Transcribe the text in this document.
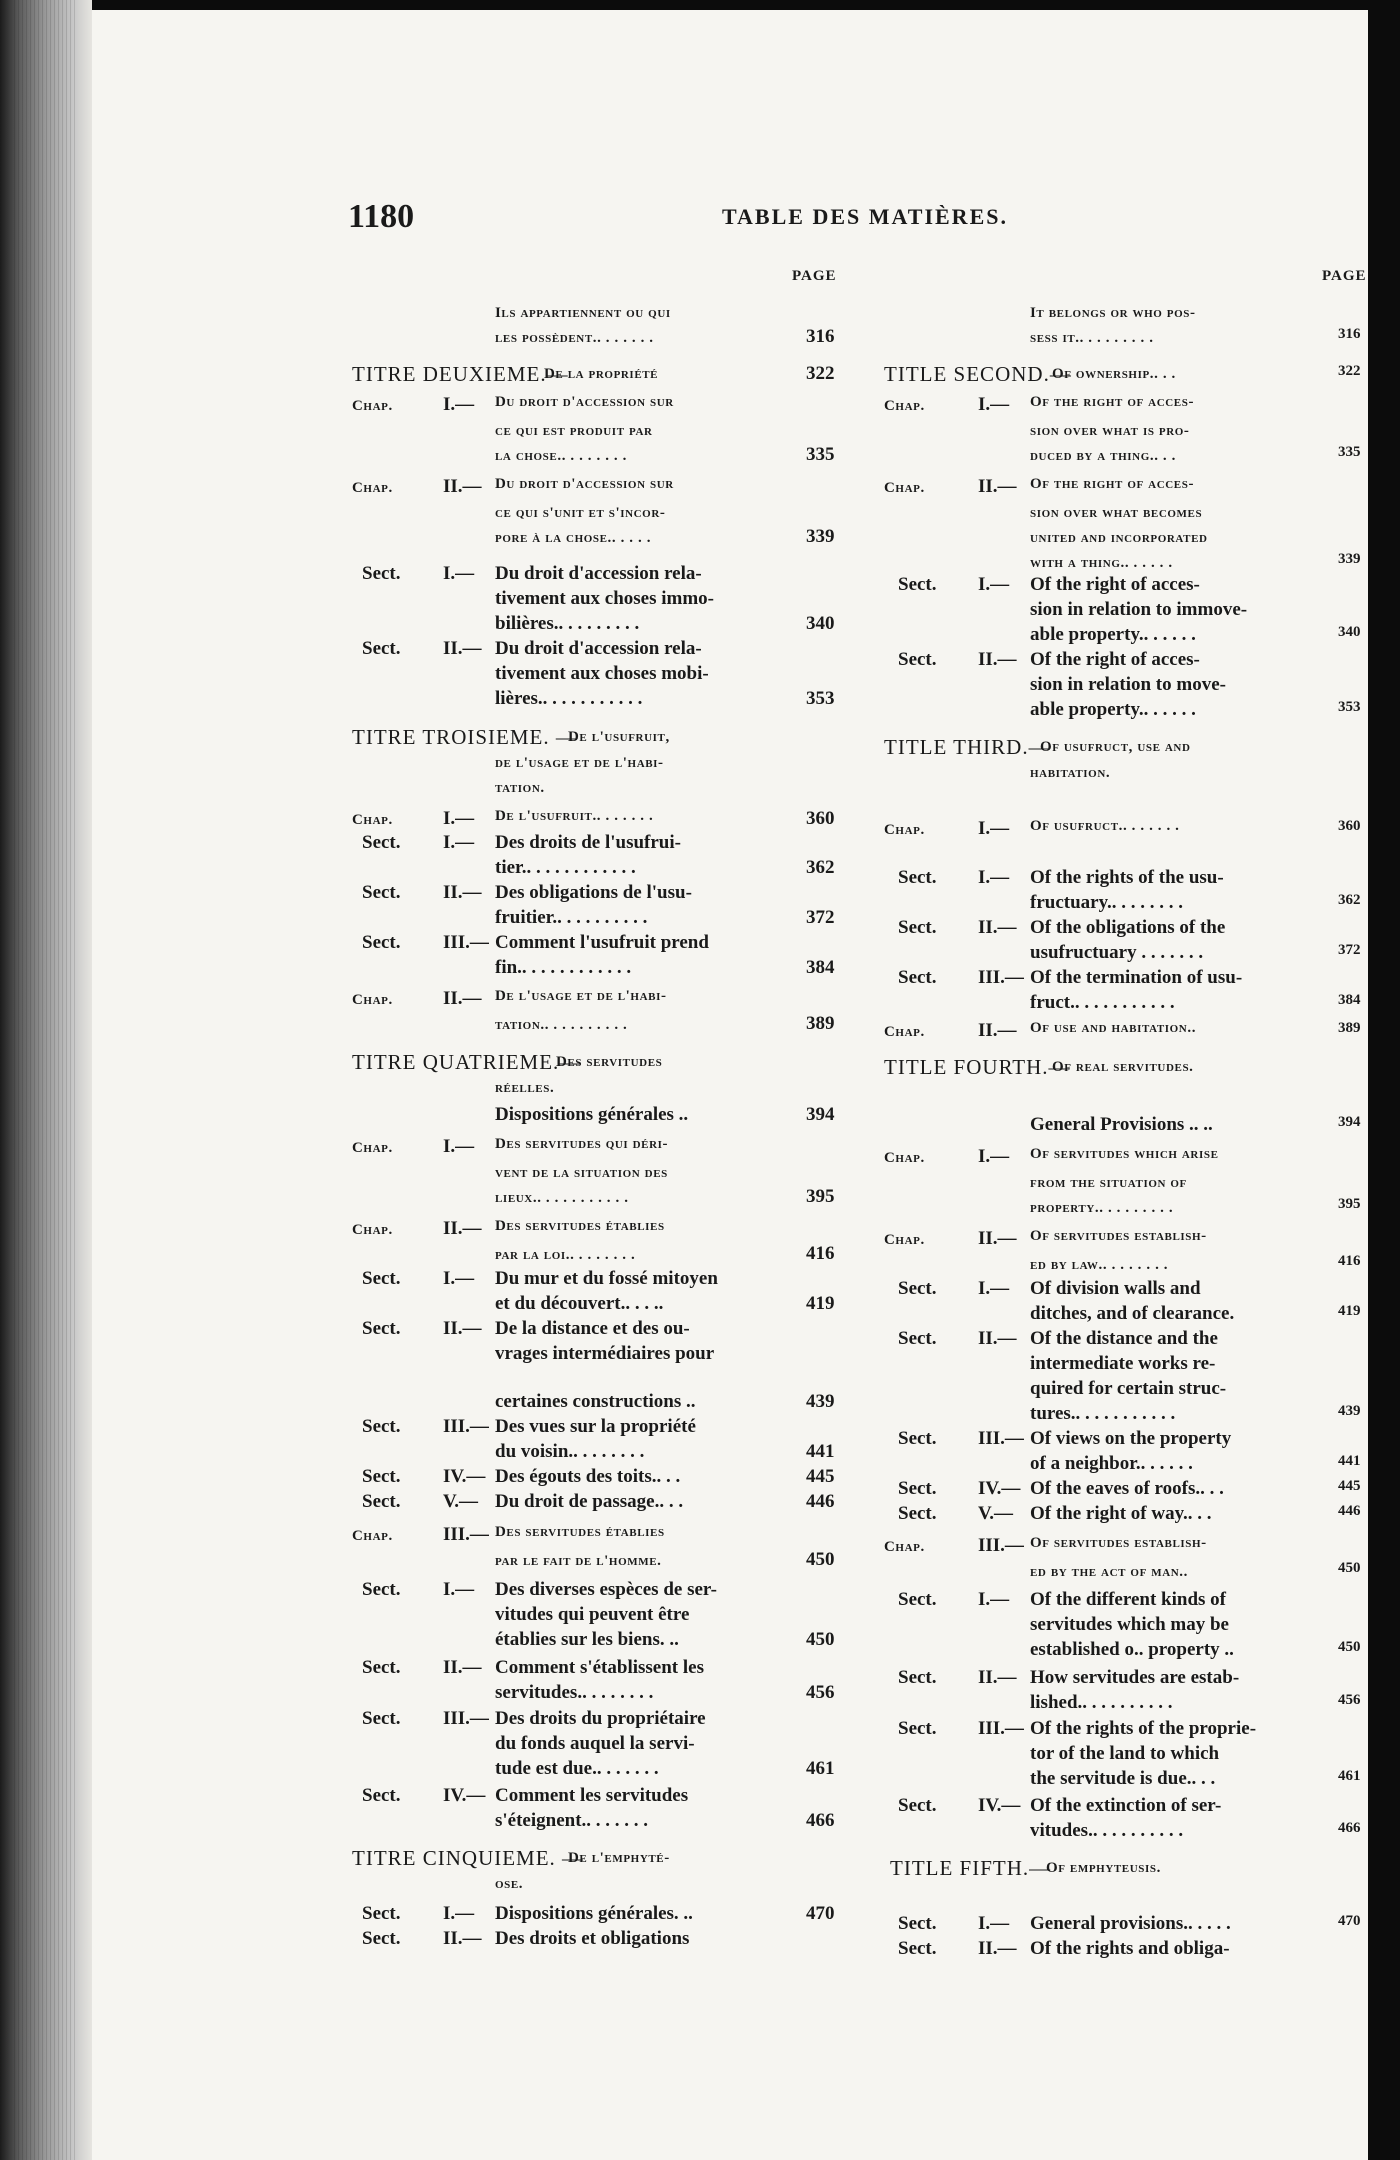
1180	TABLE DES MATIÈRES.
PAGE	PAGE
Ils appartiennent ou qui
les possèdent.. . . . . . .	316
TITRE DEUXIEME.—
De la propriété	322
Chap.	I.— Du droit d'accession sur
ce qui est produit par
la chose.. . . . . . . .	335
Chap.	II.— Du droit d'accession sur
ce qui s'unit et s'incor-
pore à la chose.. . . . .	339
Sect. I.— Du droit d'accession rela-
tivement aux choses immo-
bilières.. . . . . . . . .	340
Sect. II.— Du droit d'accession rela-
tivement aux choses mobi-
lières.. . . . . . . . . . .	353
TITRE TROISIEME. —
De l'usufruit,
de l'usage et de l'habi-
tation.
Chap.	I.— De l'usufruit.. . . . . . .	360
Sect. I.— Des droits de l'usufrui-
tier.. . . . . . . . . . . .	362
Sect. II.— Des obligations de l'usu-
fruitier.. . . . . . . . . .	372
Sect. III.— Comment l'usufruit prend
fin.. . . . . . . . . . . .	384
Chap.	II.— De l'usage et de l'habi-
tation.. . . . . . . . . .	389
TITRE QUATRIEME.—
Des servitudes
réelles.
Dispositions générales ..	394
Chap.	I.— Des servitudes qui déri-
vent de la situation des
lieux.. . . . . . . . . . .	395
Chap.	II.— Des servitudes établies
par la loi.. . . . . . . .	416
Sect. I.— Du mur et du fossé mitoyen
et du découvert.. . . ..	419
Sect. II.— De la distance et des ou-
vrages intermédiaires pour
certaines constructions ..	439
Sect. III.— Des vues sur la propriété
du voisin.. . . . . . . .	441
Sect. IV.— Des égouts des toits.. . .	445
Sect. V.— Du droit de passage.. . .	446
Chap.	III.— Des servitudes établies
par le fait de l'homme.	450
Sect. I.— Des diverses espèces de ser-
vitudes qui peuvent être
établies sur les biens. ..	450
Sect. II.— Comment s'établissent les
servitudes.. . . . . . . .	456
Sect. III.— Des droits du propriétaire
du fonds auquel la servi-
tude est due.. . . . . . .	461
Sect. IV.— Comment les servitudes
s'éteignent.. . . . . . .	466
TITRE CINQUIEME. —
De l'emphyté-
ose.
Sect. I.— Dispositions générales. ..	470
Sect. II.— Des droits et obligations
It belongs or who pos-
sess it.. . . . . . . . .	316
TITLE SECOND.—
Of ownership.. . .	322
Chap.	I.— Of the right of acces-
sion over what is pro-
duced by a thing.. . .	335
Chap.	II.— Of the right of acces-
sion over what becomes
united and incorporated
with a thing.. . . . . .	339
Sect. I.— Of the right of acces-
sion in relation to immove-
able property.. . . . . .	340
Sect. II.— Of the right of acces-
sion in relation to move-
able property.. . . . . .	353
TITLE THIRD.—
Of usufruct, use and
habitation.
Chap.	I.— Of usufruct.. . . . . . .	360
Sect. I.— Of the rights of the usu-
fructuary.. . . . . . . .	362
Sect. II.— Of the obligations of the
usufructuary . . . . . . .	372
Sect. III.— Of the termination of usu-
fruct.. . . . . . . . . . .	384
Chap.	II.— Of use and habitation..	389
TITLE FOURTH.—
Of real servitudes.
General Provisions .. ..	394
Chap.	I.— Of servitudes which arise
from the situation of
property.. . . . . . . . .	395
Chap.	II.— Of servitudes establish-
ed by law.. . . . . . . .	416
Sect. I.— Of division walls and
ditches, and of clearance.	419
Sect. II.— Of the distance and the
intermediate works re-
quired for certain struc-
tures.. . . . . . . . . . .	439
Sect. III.— Of views on the property
of a neighbor.. . . . . .	441
Sect. IV.— Of the eaves of roofs.. . .	445
Sect. V.— Of the right of way.. . .	446
Chap.	III.— Of servitudes establish-
ed by the act of man..	450
Sect. I.— Of the different kinds of
servitudes which may be
established o.. property ..	450
Sect. II.— How servitudes are estab-
lished.. . . . . . . . . .	456
Sect. III.— Of the rights of the proprie-
tor of the land to which
the servitude is due.. . .	461
Sect. IV.— Of the extinction of ser-
vitudes.. . . . . . . . . .	466
TITLE FIFTH.—
Of emphyteusis.
Sect. I.— General provisions.. . . . .	470
Sect. II.— Of the rights and obliga-
